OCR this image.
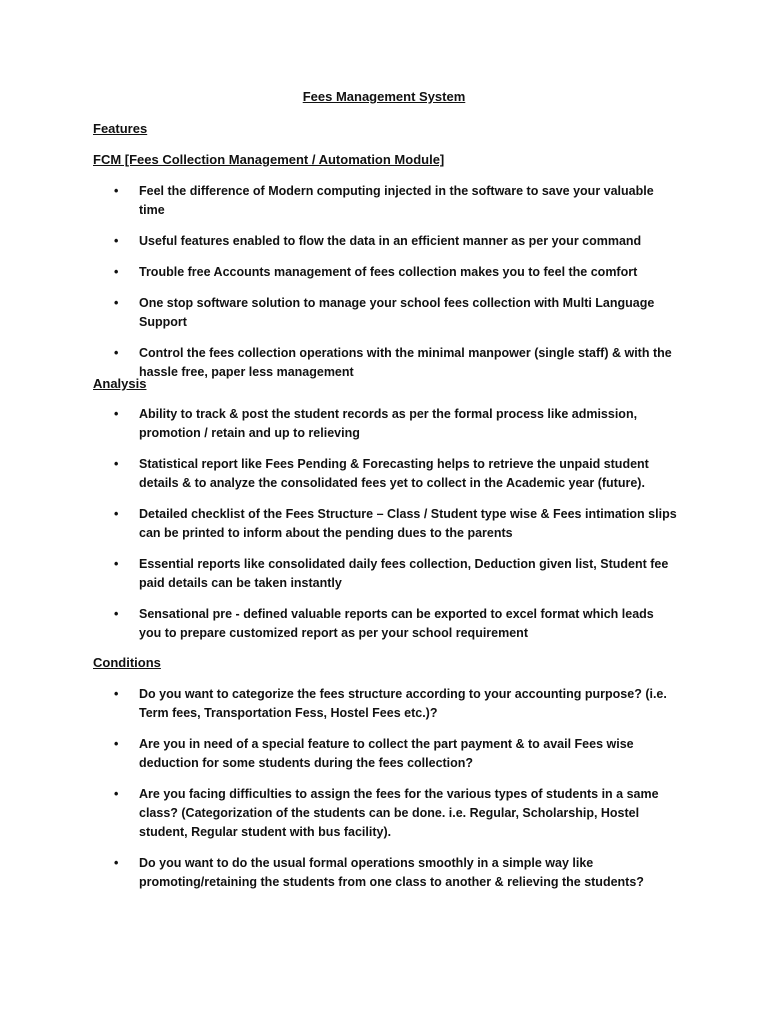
Fees Management System
Features
FCM [Fees Collection Management / Automation Module]
• Feel the difference of Modern computing injected in the software to save your valuable time
• Useful features enabled to flow the data in an efficient manner as per your command
• Trouble free Accounts management of fees collection makes you to feel the comfort
• One stop software solution to manage your school fees collection with Multi Language Support
• Control the fees collection operations with the minimal manpower (single staff) & with the hassle free, paper less management
Analysis
• Ability to track & post the student records as per the formal process like admission, promotion / retain and up to relieving
• Statistical report like Fees Pending & Forecasting helps to retrieve the unpaid student details & to analyze the consolidated fees yet to collect in the Academic year (future).
• Detailed checklist of the Fees Structure – Class / Student type wise & Fees intimation slips can be printed to inform about the pending dues to the parents
• Essential reports like consolidated daily fees collection, Deduction given list, Student fee paid details can be taken instantly
• Sensational pre - defined valuable reports can be exported to excel format which leads you to prepare customized report as per your school requirement
Conditions
• Do you want to categorize the fees structure according to your accounting purpose? (i.e. Term fees, Transportation Fess, Hostel Fees etc.)?
• Are you in need of a special feature to collect the part payment & to avail Fees wise deduction for some students during the fees collection?
• Are you facing difficulties to assign the fees for the various types of students in a same class? (Categorization of the students can be done. i.e. Regular, Scholarship, Hostel student, Regular student with bus facility).
• Do you want to do the usual formal operations smoothly in a simple way like promoting/retaining the students from one class to another & relieving the students?
